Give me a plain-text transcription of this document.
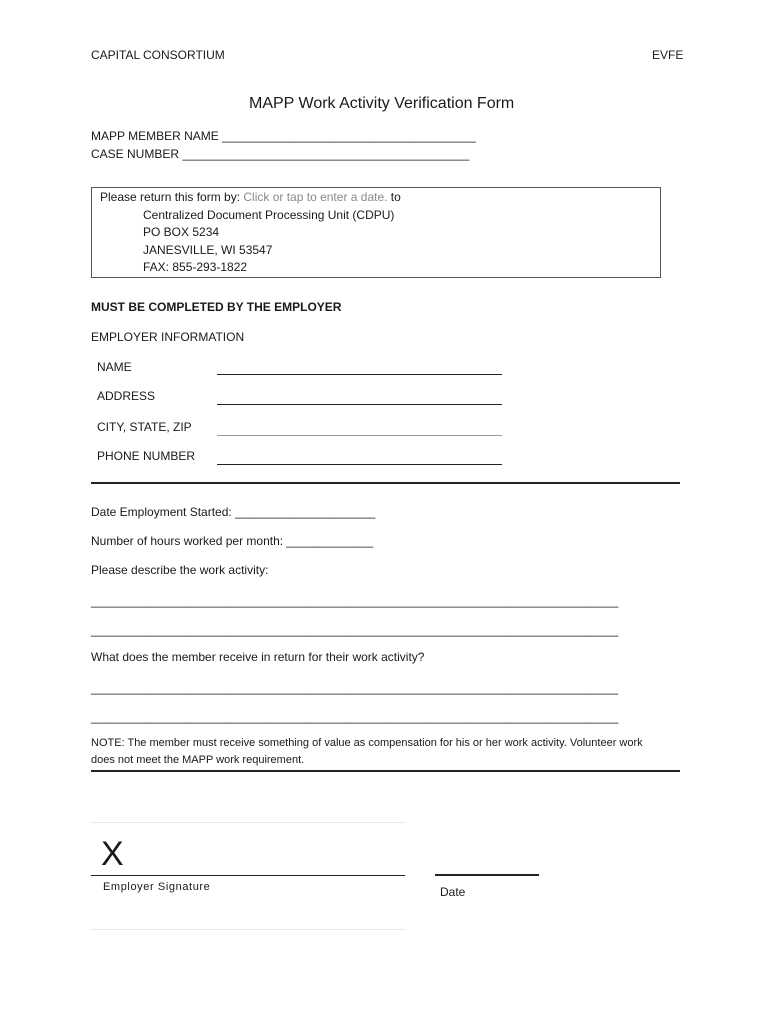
CAPITAL CONSORTIUM	EVFE
MAPP Work Activity Verification Form
MAPP MEMBER NAME ______________________________________
CASE NUMBER ___________________________________________
Please return this form by: Click or tap to enter a date. to
Centralized Document Processing Unit (CDPU)
PO BOX 5234
JANESVILLE, WI 53547
FAX: 855-293-1822
MUST BE COMPLETED BY THE EMPLOYER
EMPLOYER INFORMATION
NAME
ADDRESS
CITY, STATE, ZIP
PHONE NUMBER
Date Employment Started: _____________________
Number of hours worked per month: _____________
Please describe the work activity:
_______________________________________________________________________________
_______________________________________________________________________________
What does the member receive in return for their work activity?
_______________________________________________________________________________
_______________________________________________________________________________
NOTE: The member must receive something of value as compensation for his or her work activity. Volunteer work
does not meet the MAPP work requirement.
X
Employer Signature	Date
